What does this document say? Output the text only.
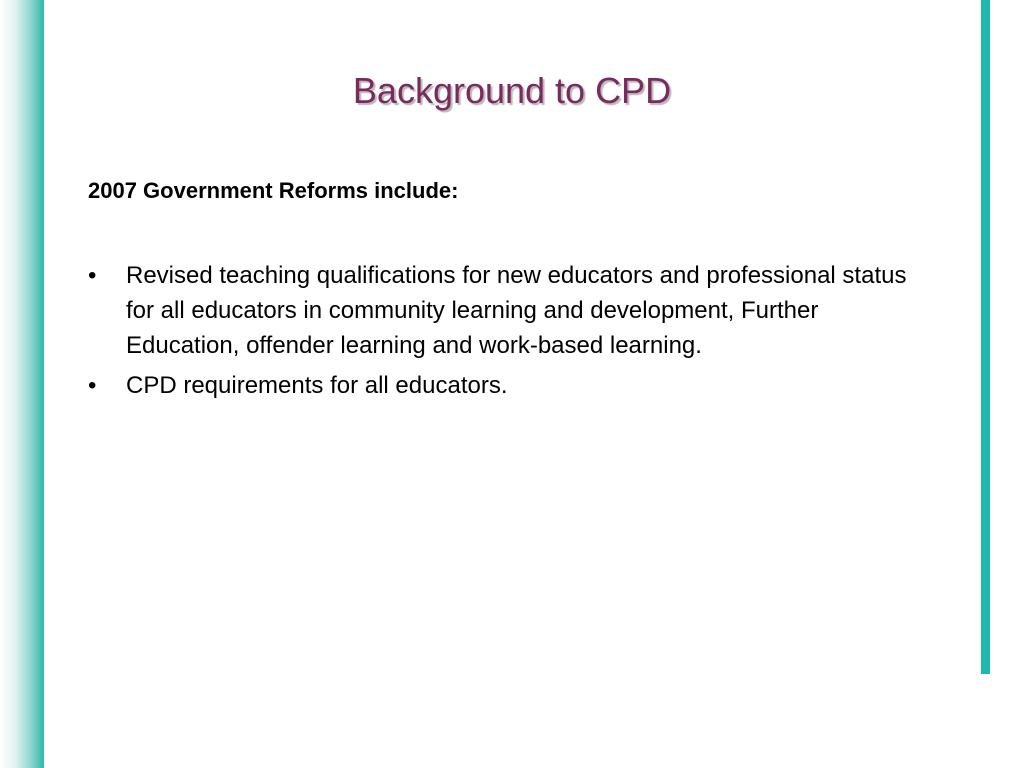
Background to CPD

2007 Government Reforms include:

• Revised teaching qualifications for new educators and professional status for all educators in community learning and development, Further Education, offender learning and work-based learning.
• CPD requirements for all educators.
